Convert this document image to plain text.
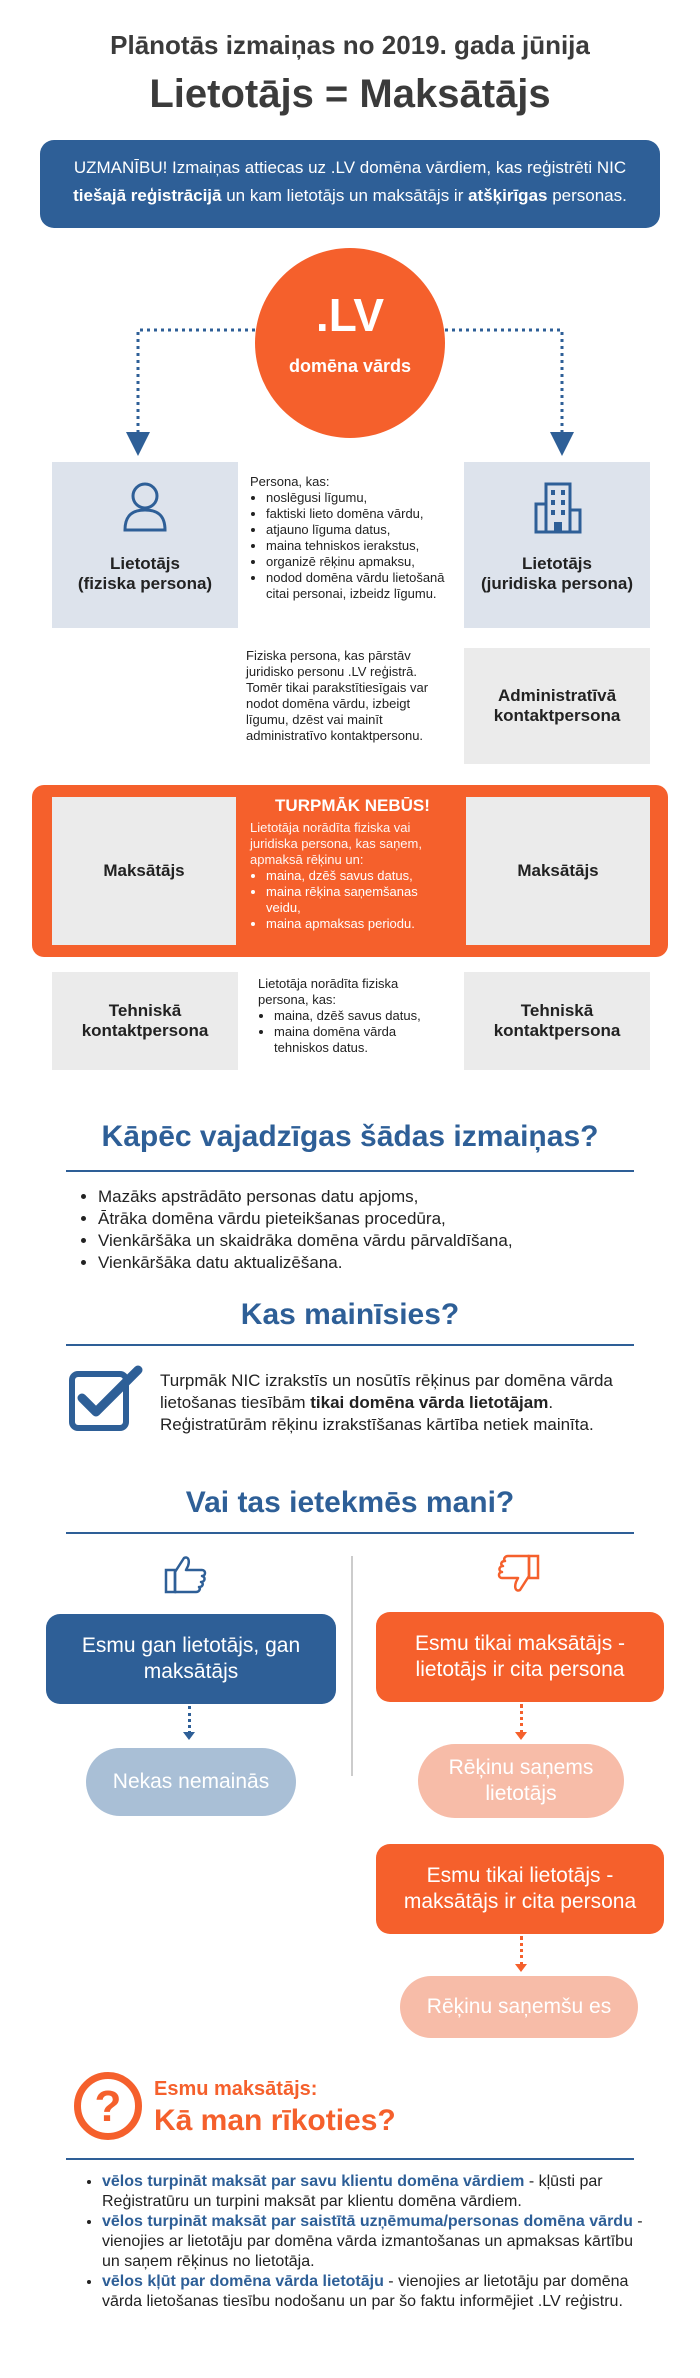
Plānotās izmaiņas no 2019. gada jūnija
Lietotājs = Maksātājs
UZMANĪBU! Izmaiņas attiecas uz .LV domēna vārdiem, kas reģistrēti NIC
tiešajā reģistrācijā un kam lietotājs un maksātājs ir atšķirīgas personas.
.LV
domēna vārds
Lietotājs
(fiziska persona)
Persona, kas:
• noslēgusi līgumu,
• faktiski lieto domēna vārdu,
• atjauno līguma datus,
• maina tehniskos ierakstus,
• organizē rēķinu apmaksu,
• nodod domēna vārdu lietošanā citai personai, izbeidz līgumu.
Lietotājs
(juridiska persona)
Fiziska persona, kas pārstāv juridisko personu .LV reģistrā. Tomēr tikai parakstītiesīgais var nodot domēna vārdu, izbeigt līgumu, dzēst vai mainīt administratīvo kontaktpersonu.
Administratīvā kontaktpersona
Maksātājs	Maksātājs
TURPMĀK NEBŪS!
Lietotāja norādīta fiziska vai juridiska persona, kas saņem, apmaksā rēķinu un:
• maina, dzēš savus datus,
• maina rēķina saņemšanas veidu,
• maina apmaksas periodu.
Tehniskā kontaktpersona
Lietotāja norādīta fiziska persona, kas:
• maina, dzēš savus datus,
• maina domēna vārda tehniskos datus.
Tehniskā kontaktpersona
Kāpēc vajadzīgas šādas izmaiņas?
• Mazāks apstrādāto personas datu apjoms,
• Ātrāka domēna vārdu pieteikšanas procedūra,
• Vienkāršāka un skaidrāka domēna vārdu pārvaldīšana,
• Vienkāršāka datu aktualizēšana.
Kas mainīsies?
Turpmāk NIC izrakstīs un nosūtīs rēķinus par domēna vārda lietošanas tiesībām tikai domēna vārda lietotājam. Reģistratūrām rēķinu izrakstīšanas kārtība netiek mainīta.
Vai tas ietekmēs mani?
Esmu gan lietotājs, gan maksātājs
Nekas nemainās
Esmu tikai maksātājs - lietotājs ir cita persona
Rēķinu saņems lietotājs
Esmu tikai lietotājs - maksātājs ir cita persona
Rēķinu saņemšu es
?	Esmu maksātājs:
Kā man rīkoties?
• vēlos turpināt maksāt par savu klientu domēna vārdiem - kļūsti par Reģistratūru un turpini maksāt par klientu domēna vārdiem.
• vēlos turpināt maksāt par saistītā uzņēmuma/personas domēna vārdu - vienojies ar lietotāju par domēna vārda izmantošanas un apmaksas kārtību un saņem rēķinus no lietotāja.
• vēlos kļūt par domēna vārda lietotāju - vienojies ar lietotāju par domēna vārda lietošanas tiesību nodošanu un par šo faktu informējiet .LV reģistru.
